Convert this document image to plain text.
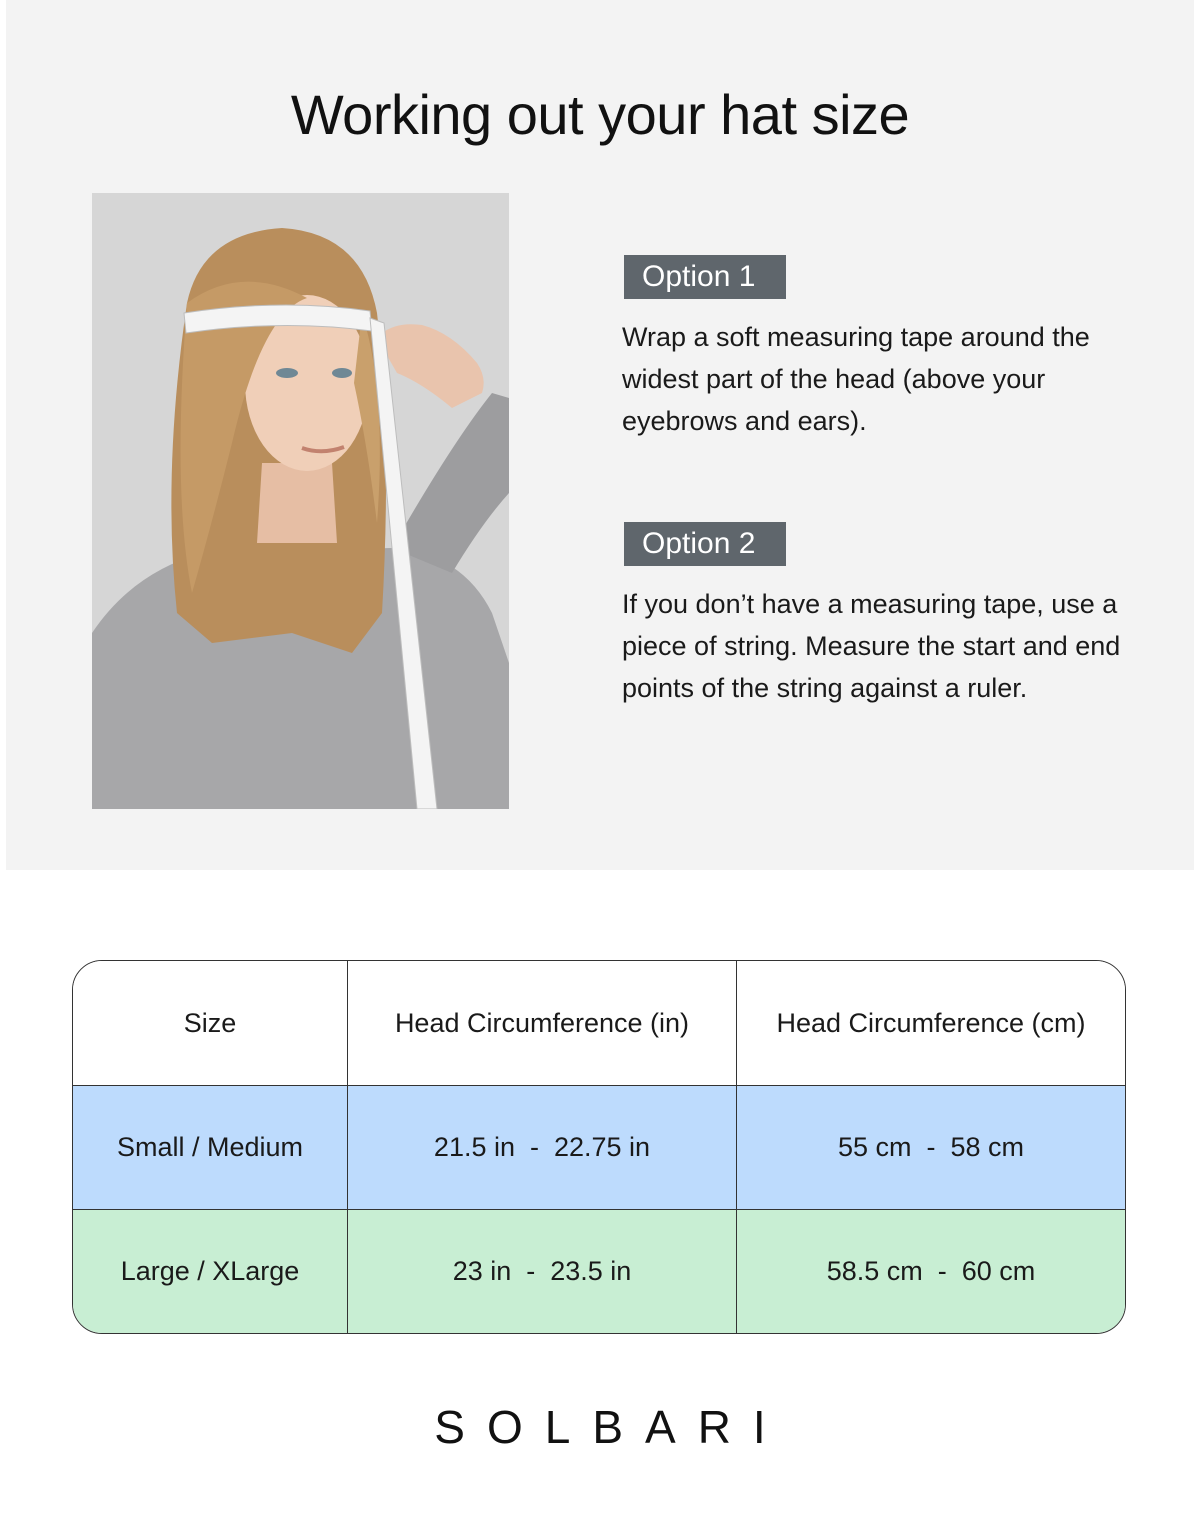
Working out your hat size
Option 1

Wrap a soft measuring tape around the widest part of the head (above your eyebrows and ears).

Option 2

If you don’t have a measuring tape, use a piece of string. Measure the start and end points of the string against a ruler.

Size	Head Circumference (in)	Head Circumference (cm)
Small / Medium	21.5 in  -  22.75 in	55 cm  -  58 cm
Large / XLarge	23 in  -  23.5 in	58.5 cm  -  60 cm
SOLBARI
